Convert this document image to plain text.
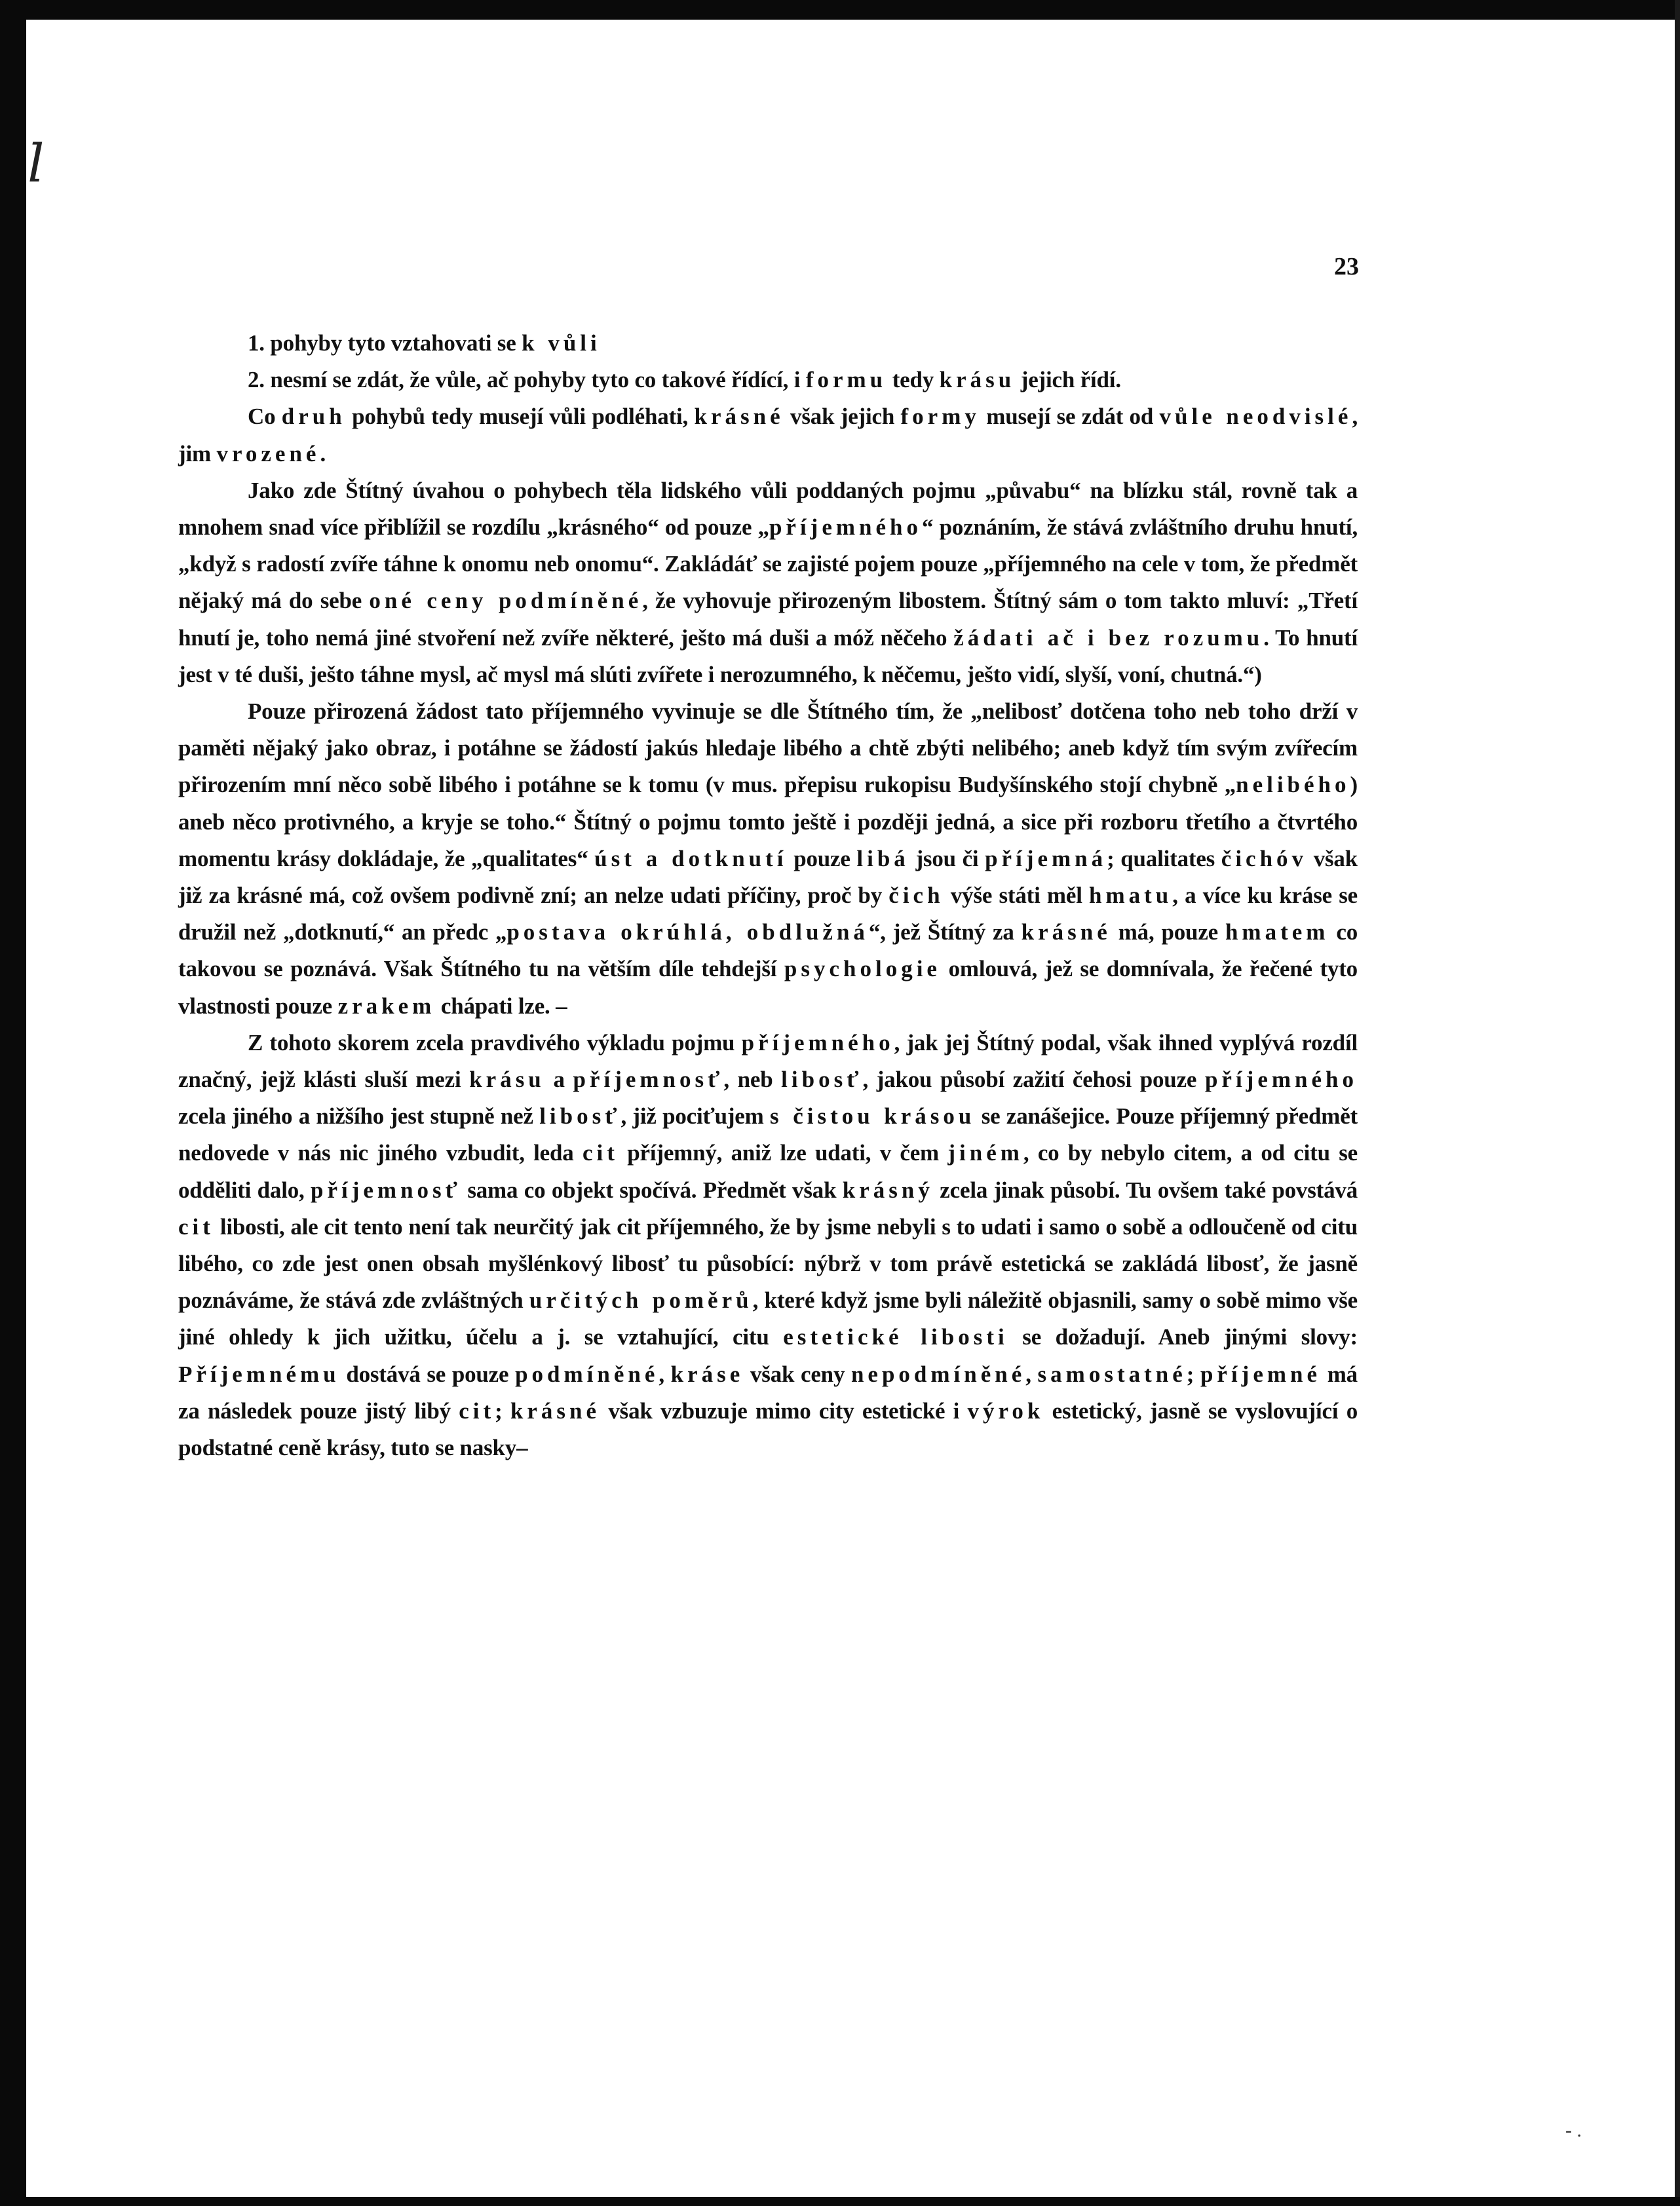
l
23

1. pohyby tyto vztahovati se k vůli

2. nesmí se zdát, že vůle, ač pohyby tyto co takové řídící, i formu tedy krásu jejich řídí.

Co druh pohybů tedy musejí vůli podléhati, krásné však jejich formy musejí se zdát od vůle neodvislé, jim vrozené.

Jako zde Štítný úvahou o pohybech těla lidského vůli poddaných pojmu „půvabu“ na blízku stál, rovně tak a mnohem snad více přiblížil se rozdílu „krásného“ od pouze „příjemného“ poznáním, že stává zvláštního druhu hnutí, „když s radostí zvíře táhne k onomu neb onomu“. Zakládáť se zajisté pojem pouze „příjemného na cele v tom, že předmět nějaký má do sebe oné ceny podmíněné, že vyhovuje přirozeným libostem. Štítný sám o tom takto mluví: „Třetí hnutí je, toho nemá jiné stvoření než zvíře některé, ješto má duši a móž něčeho žádati ač i bez rozumu. To hnutí jest v té duši, ješto táhne mysl, ač mysl má slúti zvířete i nerozumného, k něčemu, ješto vidí, slyší, voní, chutná.“)

Pouze přirozená žádost tato příjemného vyvinuje se dle Štítného tím, že „nelibosť dotčena toho neb toho drží v paměti nějaký jako obraz, i potáhne se žádostí jakús hledaje libého a chtě zbýti nelibého; aneb když tím svým zvířecím přirozením mní něco sobě libého i potáhne se k tomu (v mus. přepisu rukopisu Budyšínského stojí chybně „nelibého) aneb něco protivného, a kryje se toho.“ Štítný o pojmu tomto ještě i později jedná, a sice při rozboru třetího a čtvrtého momentu krásy dokládaje, že „qualitates“ úst a dotknutí pouze libá jsou či příjemná; qualitates čichóv však již za krásné má, což ovšem podivně zní; an nelze udati příčiny, proč by čich výše státi měl hmatu, a více ku kráse se družil než „dotknutí,“ an předc „postava okrúhlá, obdlužná“, jež Štítný za krásné má, pouze hmatem co takovou se poznává. Však Štítného tu na větším díle tehdejší psychologie omlouvá, jež se domnívala, že řečené tyto vlastnosti pouze zrakem chápati lze. –

Z tohoto skorem zcela pravdivého výkladu pojmu příjemného, jak jej Štítný podal, však ihned vyplývá rozdíl značný, jejž klásti sluší mezi krásu a příjemnosť, neb libosť, jakou působí zažití čehosi pouze příjemného zcela jiného a nižšího jest stupně než libosť, již pociťujem s čistou krásou se zanášejice. Pouze příjemný předmět nedovede v nás nic jiného vzbudit, leda cit příjemný, aniž lze udati, v čem jiném, co by nebylo citem, a od citu se odděliti dalo, příjemnosť sama co objekt spočívá. Předmět však krásný zcela jinak působí. Tu ovšem také povstává cit libosti, ale cit tento není tak neurčitý jak cit příjemného, že by jsme nebyli s to udati i samo o sobě a odloučeně od citu libého, co zde jest onen obsah myšlénkový libosť tu působící: nýbrž v tom právě estetická se zakládá libosť, že jasně poznáváme, že stává zde zvláštných určitých poměrů, které když jsme byli náležitě objasnili, samy o sobě mimo vše jiné ohledy k jich užitku, účelu a j. se vztahující, citu estetické libosti se dožadují. Aneb jinými slovy: Příjemnému dostává se pouze podmíněné, kráse však ceny nepodmíněné, samostatné; příjemné má za následek pouze jistý libý cit; krásné však vzbuzuje mimo city estetické i výrok estetický, jasně se vyslovující o podstatné ceně krásy, tuto se nasky–

- .
